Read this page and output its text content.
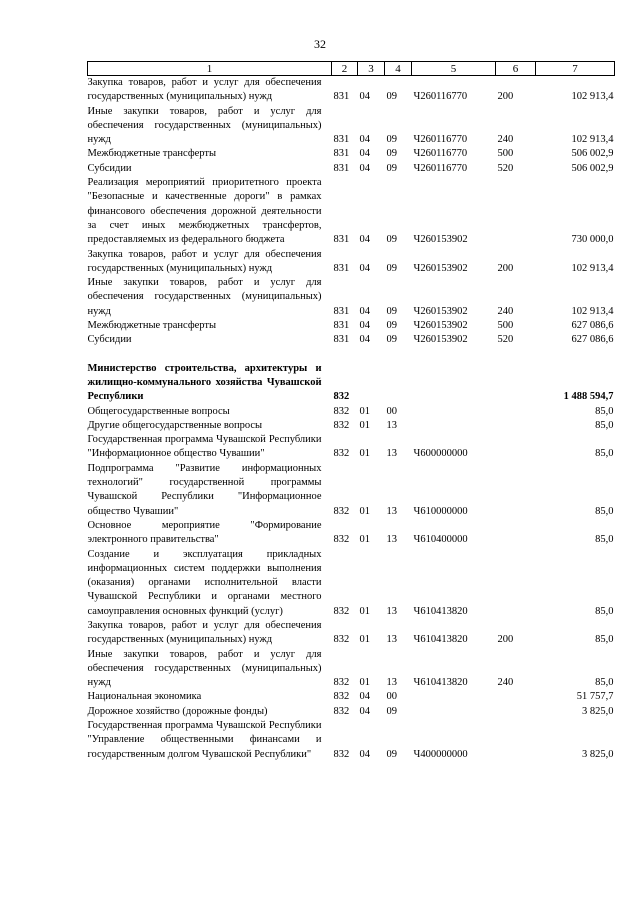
32
1	2	3	4	5	6	7
Закупка товаров, работ и услуг для обеспечения государственных (муниципальных) нужд	831	04	09	Ч260116770	200	102 913,4
Иные закупки товаров, работ и услуг для обеспечения государственных (муниципальных) нужд	831	04	09	Ч260116770	240	102 913,4
Межбюджетные трансферты	831	04	09	Ч260116770	500	506 002,9
Субсидии	831	04	09	Ч260116770	520	506 002,9
Реализация мероприятий приоритетного проекта "Безопасные и качественные дороги" в рамках финансового обеспечения дорожной деятельности за счет иных межбюджетных трансфертов, предоставляемых из федерального бюджета	831	04	09	Ч260153902		730 000,0
Закупка товаров, работ и услуг для обеспечения государственных (муниципальных) нужд	831	04	09	Ч260153902	200	102 913,4
Иные закупки товаров, работ и услуг для обеспечения государственных (муниципальных) нужд	831	04	09	Ч260153902	240	102 913,4
Межбюджетные трансферты	831	04	09	Ч260153902	500	627 086,6
Субсидии	831	04	09	Ч260153902	520	627 086,6

Министерство строительства, архитектуры и жилищно-коммунального хозяйства Чувашской Республики	832					1 488 594,7
Общегосударственные вопросы	832	01	00			85,0
Другие общегосударственные вопросы	832	01	13			85,0
Государственная программа Чувашской Республики "Информационное общество Чувашии"	832	01	13	Ч600000000		85,0
Подпрограмма "Развитие информационных технологий" государственной программы Чувашской Республики "Информационное общество Чувашии"	832	01	13	Ч610000000		85,0
Основное мероприятие "Формирование электронного правительства"	832	01	13	Ч610400000		85,0
Создание и эксплуатация прикладных информационных систем поддержки выполнения (оказания) органами исполнительной власти Чувашской Республики и органами местного самоуправления основных функций (услуг)	832	01	13	Ч610413820		85,0
Закупка товаров, работ и услуг для обеспечения государственных (муниципальных) нужд	832	01	13	Ч610413820	200	85,0
Иные закупки товаров, работ и услуг для обеспечения государственных (муниципальных) нужд	832	01	13	Ч610413820	240	85,0
Национальная экономика	832	04	00			51 757,7
Дорожное хозяйство (дорожные фонды)	832	04	09			3 825,0
Государственная программа Чувашской Республики "Управление общественными финансами и государственным долгом Чувашской Республики"	832	04	09	Ч400000000		3 825,0
